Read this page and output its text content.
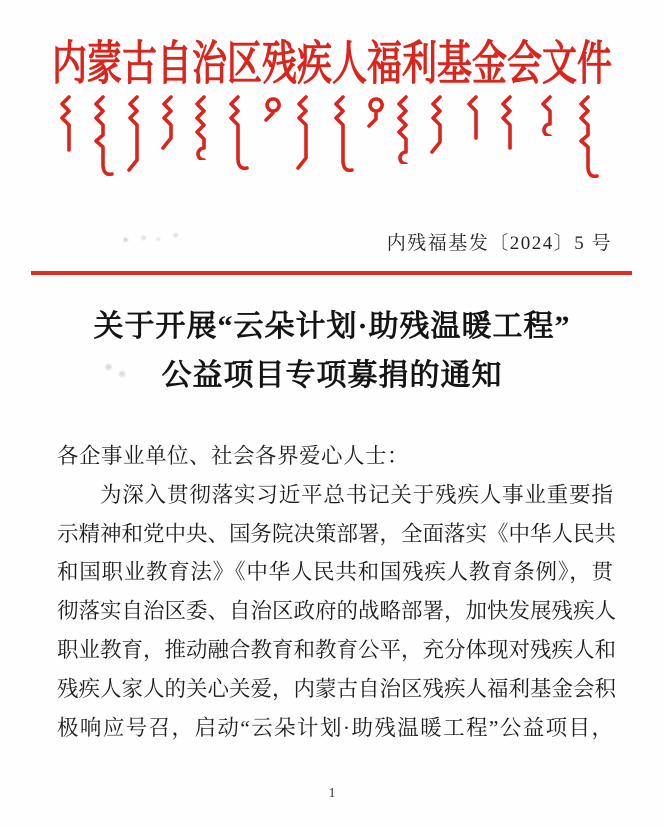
内蒙古自治区残疾人福利基金会文件
内残福基发〔2024〕5 号
关于开展“云朵计划·助残温暖工程”
公益项目专项募捐的通知
各企事业单位、社会各界爱心人士：
为深入贯彻落实习近平总书记关于残疾人事业重要指
示精神和党中央、国务院决策部署，全面落实《中华人民共
和国职业教育法》《中华人民共和国残疾人教育条例》，贯
彻落实自治区委、自治区政府的战略部署，加快发展残疾人
职业教育，推动融合教育和教育公平，充分体现对残疾人和
残疾人家人的关心关爱，内蒙古自治区残疾人福利基金会积
极响应号召，启动“云朵计划·助残温暖工程”公益项目，
1
